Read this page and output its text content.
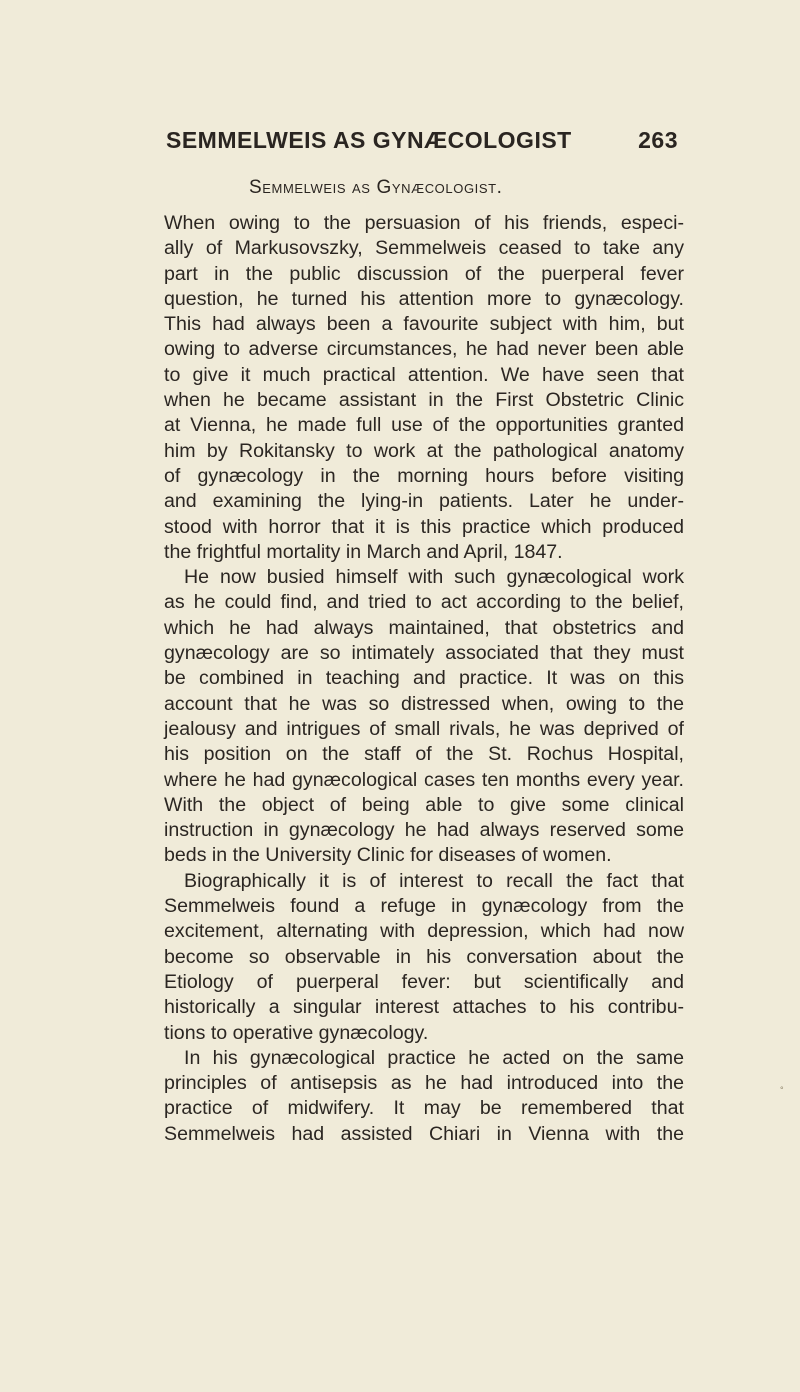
SEMMELWEIS AS GYNÆCOLOGIST	263
Semmelweis as Gynæcologist.
When owing to the persuasion of his friends, especi-
ally of Markusovszky, Semmelweis ceased to take any
part in the public discussion of the puerperal fever
question, he turned his attention more to gynæcology.
This had always been a favourite subject with him, but
owing to adverse circumstances, he had never been able
to give it much practical attention. We have seen that
when he became assistant in the First Obstetric Clinic
at Vienna, he made full use of the opportunities granted
him by Rokitansky to work at the pathological anatomy
of gynæcology in the morning hours before visiting
and examining the lying-in patients. Later he under-
stood with horror that it is this practice which produced
the frightful mortality in March and April, 1847.
He now busied himself with such gynæcological work
as he could find, and tried to act according to the belief,
which he had always maintained, that obstetrics and
gynæcology are so intimately associated that they must
be combined in teaching and practice. It was on this
account that he was so distressed when, owing to the
jealousy and intrigues of small rivals, he was deprived of
his position on the staff of the St. Rochus Hospital,
where he had gynæcological cases ten months every year.
With the object of being able to give some clinical
instruction in gynæcology he had always reserved some
beds in the University Clinic for diseases of women.
Biographically it is of interest to recall the fact that
Semmelweis found a refuge in gynæcology from the
excitement, alternating with depression, which had now
become so observable in his conversation about the
Etiology of puerperal fever: but scientifically and
historically a singular interest attaches to his contribu-
tions to operative gynæcology.
In his gynæcological practice he acted on the same
principles of antisepsis as he had introduced into the
practice of midwifery. It may be remembered that
Semmelweis had assisted Chiari in Vienna with the
°
